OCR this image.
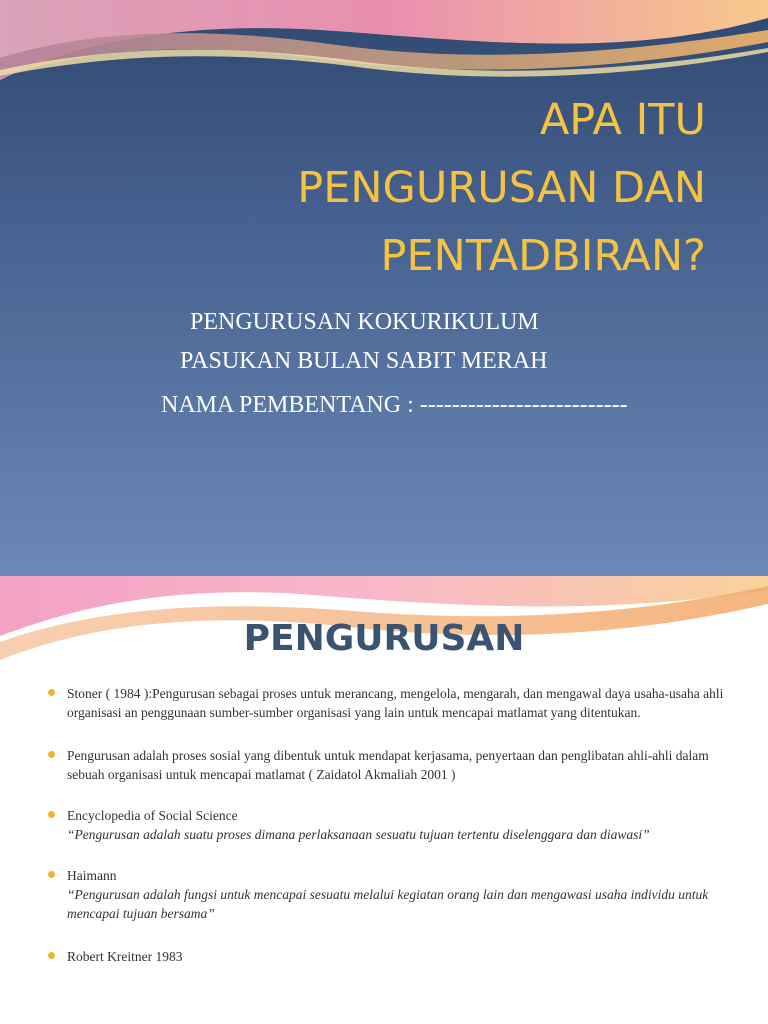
APA ITU
PENGURUSAN DAN
PENTADBIRAN?

PENGURUSAN KOKURIKULUM

PASUKAN BULAN SABIT MERAH

NAMA PEMBENTANG : --------------------------

PENGURUSAN
Stoner ( 1984 ):Pengurusan sebagai proses untuk merancang, mengelola, mengarah, dan mengawal daya usaha-usaha ahli organisasi an penggunaan sumber-sumber organisasi yang lain untuk mencapai matlamat yang ditentukan.
Pengurusan adalah proses sosial yang dibentuk untuk mendapat kerjasama, penyertaan dan penglibatan ahli-ahli dalam sebuah organisasi untuk mencapai matlamat ( Zaidatol Akmaliah 2001 )
Encyclopedia of Social Science
“Pengurusan adalah suatu proses dimana perlaksanaan sesuatu tujuan tertentu diselenggara dan diawasi”
Haimann
“Pengurusan adalah fungsi untuk mencapai sesuatu melalui kegiatan orang lain dan mengawasi usaha individu untuk mencapai tujuan bersama”
Robert Kreitner 1983
